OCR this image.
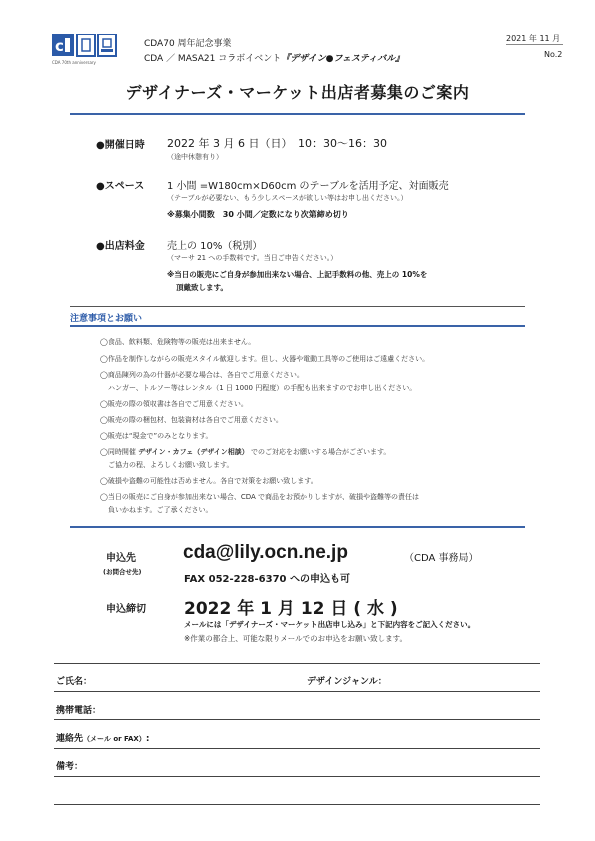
c
CDA 70th anniversary
CDA70 周年記念事業
CDA ／ MASA21 コラボイベント『デザイン●フェスティバル』
2021 年 11 月
No.2
デザイナーズ・マーケット出店者募集のご案内
●開催日時 2022 年 3 月 6 日（日）　10：30〜16：30
（途中休憩有り）
●スペース 1 小間 =W180cm×D60cm のテーブルを活用予定、対面販売
（テーブルが必要ない、もう少しスペースが欲しい等はお申し出ください。）
※募集小間数　30 小間／定数になり次第締め切り
●出店料金 売上の 10%（税別）
（マーサ 21 への手数料です。当日ご申告ください。）
※当日の販売にご自身が参加出来ない場合、上記手数料の他、売上の 10%を
頂戴致します。
注意事項とお願い
◯食品、飲料類、危険物等の販売は出来ません。
◯作品を制作しながらの販売スタイル歓迎します。但し、火器や電動工具等のご使用はご遠慮ください。
◯商品陳列の為の什器が必要な場合は、各自でご用意ください。
ハンガー、トルソー等はレンタル（1 日 1000 円程度）の手配も出来ますのでお申し出ください。
◯販売の際の領収書は各自でご用意ください。
◯販売の際の梱包材、包装資材は各自でご用意ください。
◯販売は“現金で”のみとなります。
◯同時開催 デザイン・カフェ（デザイン相談） でのご対応をお願いする場合がございます。
ご協力の程、よろしくお願い致します。
◯破損や盗難の可能性は否めません。各自で対策をお願い致します。
◯当日の販売にご自身が参加出来ない場合、CDA で商品をお預かりしますが、破損や盗難等の責任は
負いかねます。ご了承ください。
申込先
(お問合せ先)
cda@lily.ocn.ne.jp	（CDA 事務局）
FAX 052-228-6370 への申込も可
申込締切 2022 年 1 月 12 日 ( 水 )
メールには「デザイナーズ・マーケット出店申し込み」と下記内容をご記入ください。
※作業の都合上、可能な限りメールでのお申込をお願い致します。
ご氏名：	デザインジャンル：
携帯電話：
連絡先（メール or FAX）:
備考：
